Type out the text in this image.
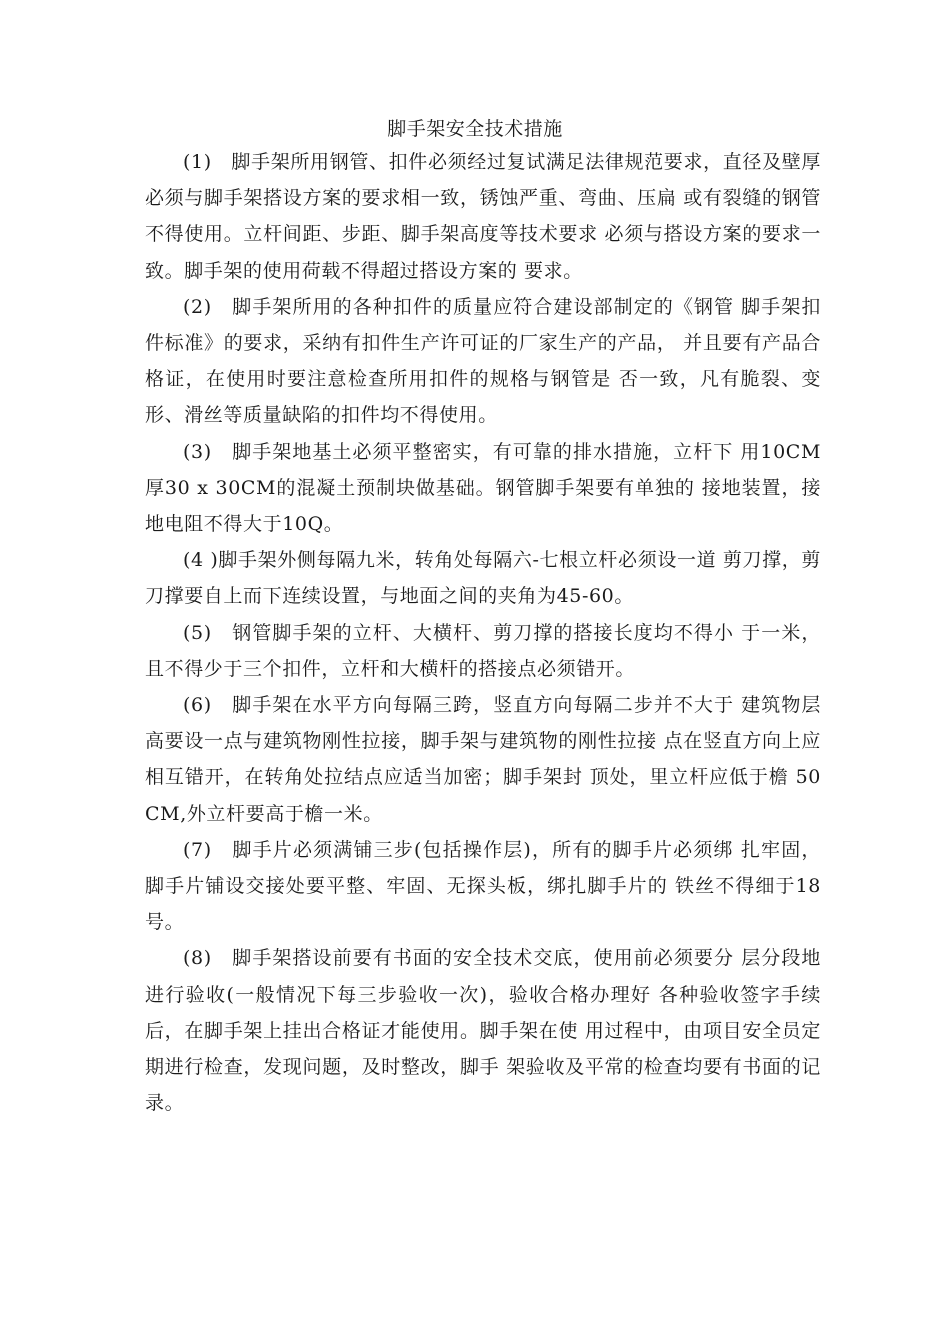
脚手架安全技术措施

(1)　脚手架所用钢管、扣件必须经过复试满足法律规范要求，直径及壁厚必须与脚手架搭设方案的要求相一致，锈蚀严重、弯曲、压扁 或有裂缝的钢管不得使用。立杆间距、步距、脚手架高度等技术要求 必须与搭设方案的要求一致。脚手架的使用荷载不得超过搭设方案的 要求。

(2)　脚手架所用的各种扣件的质量应符合建设部制定的《钢管 脚手架扣件标准》的要求，采纳有扣件生产许可证的厂家生产的产品， 并且要有产品合格证，在使用时要注意检查所用扣件的规格与钢管是 否一致，凡有脆裂、变形、滑丝等质量缺陷的扣件均不得使用。

(3)　脚手架地基土必须平整密实，有可靠的排水措施，立杆下 用10CM厚30 x 30CM的混凝土预制块做基础。钢管脚手架要有单独的 接地装置，接地电阻不得大于10Q。

(4 )脚手架外侧每隔九米，转角处每隔六-七根立杆必须设一道 剪刀撑，剪刀撑要自上而下连续设置，与地面之间的夹角为45-60。

(5)　钢管脚手架的立杆、大横杆、剪刀撑的搭接长度均不得小 于一米，且不得少于三个扣件，立杆和大横杆的搭接点必须错开。

(6)　脚手架在水平方向每隔三跨，竖直方向每隔二步并不大于 建筑物层高要设一点与建筑物刚性拉接，脚手架与建筑物的刚性拉接 点在竖直方向上应相互错开，在转角处拉结点应适当加密；脚手架封 顶处，里立杆应低于檐 50CM,外立杆要高于檐一米。

(7)　脚手片必须满铺三步(包括操作层)，所有的脚手片必须绑 扎牢固，脚手片铺设交接处要平整、牢固、无探头板，绑扎脚手片的 铁丝不得细于18号。

(8)　脚手架搭设前要有书面的安全技术交底，使用前必须要分 层分段地进行验收(一般情况下每三步验收一次)，验收合格办理好 各种验收签字手续后，在脚手架上挂出合格证才能使用。脚手架在使 用过程中，由项目安全员定期进行检查，发现问题，及时整改，脚手 架验收及平常的检查均要有书面的记录。
